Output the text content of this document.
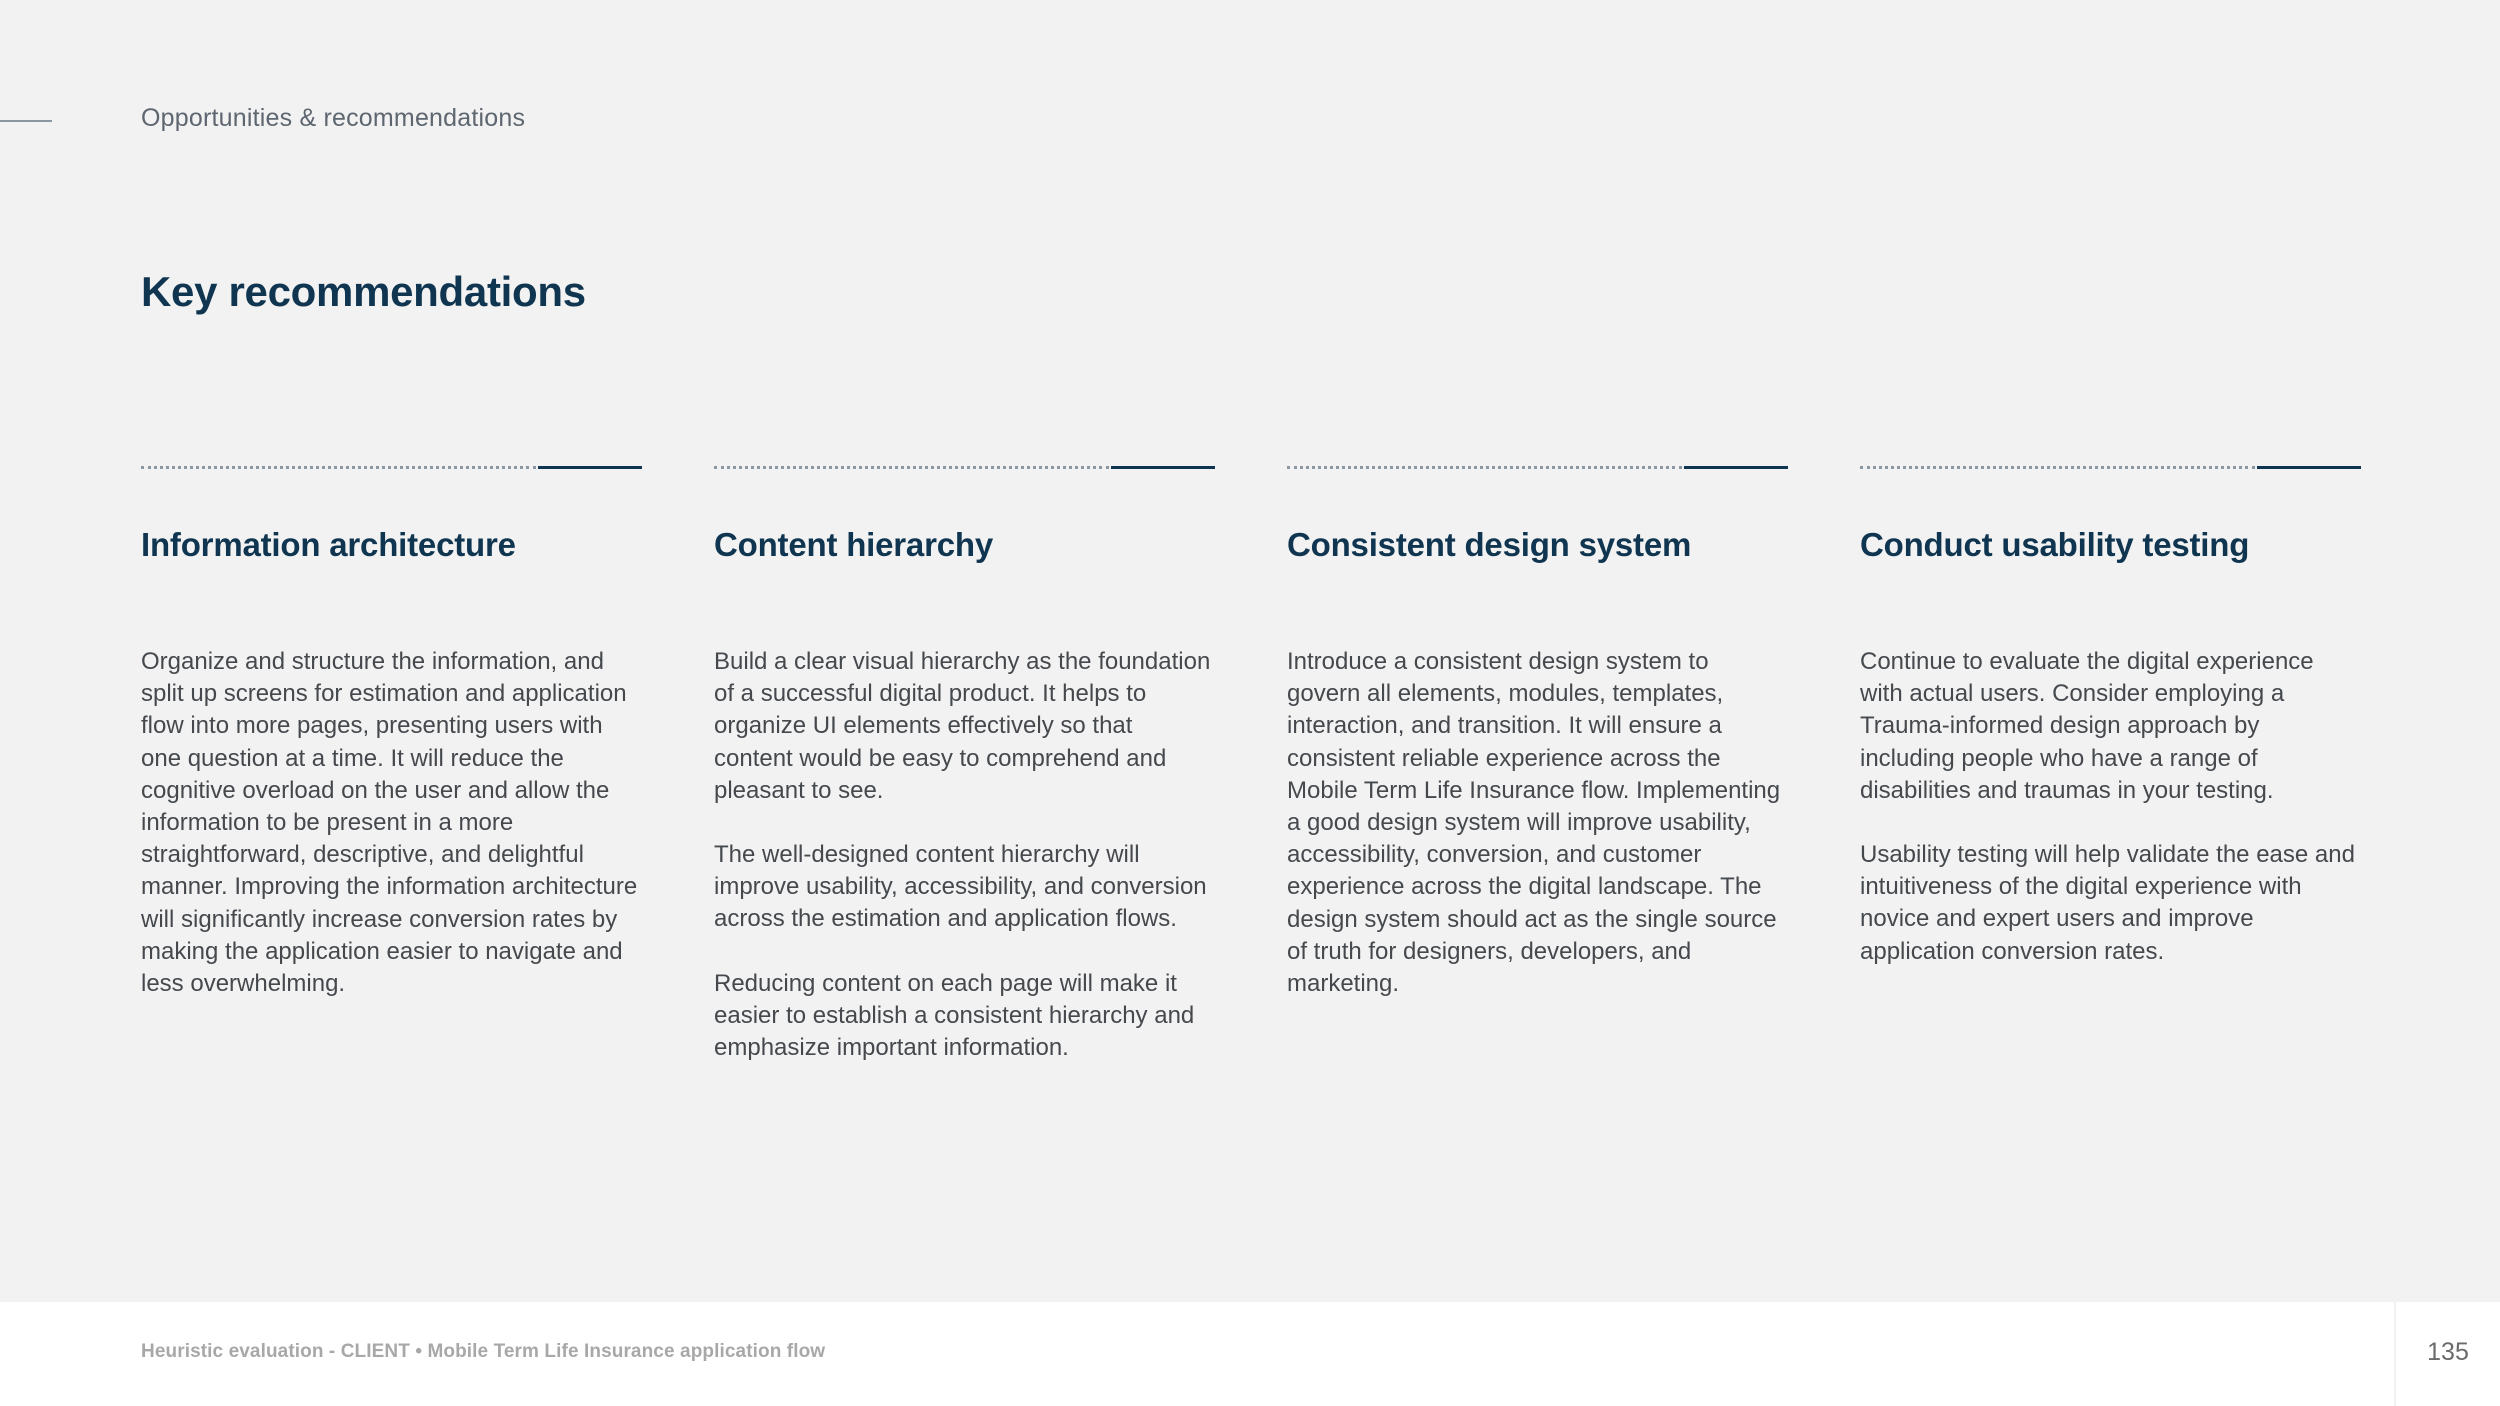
Opportunities & recommendations
Key recommendations
Information architecture

Organize and structure the information, and split up screens for estimation and application flow into more pages, presenting users with one question at a time. It will reduce the cognitive overload on the user and allow the information to be present in a more straightforward, descriptive, and delightful manner. Improving the information architecture will significantly increase conversion rates by making the application easier to navigate and less overwhelming.

Content hierarchy

Build a clear visual hierarchy as the foundation of a successful digital product. It helps to organize UI elements effectively so that content would be easy to comprehend and pleasant to see.

The well-designed content hierarchy will improve usability, accessibility, and conversion across the estimation and application flows.

Reducing content on each page will make it easier to establish a consistent hierarchy and emphasize important information.

Consistent design system

Introduce a consistent design system to govern all elements, modules, templates, interaction, and transition. It will ensure a consistent reliable experience across the Mobile Term Life Insurance flow. Implementing a good design system will improve usability, accessibility, conversion, and customer experience across the digital landscape. The design system should act as the single source of truth for designers, developers, and marketing.

Conduct usability testing

Continue to evaluate the digital experience with actual users. Consider employing a Trauma-informed design approach by including people who have a range of disabilities and traumas in your testing.

Usability testing will help validate the ease and intuitiveness of the digital experience with novice and expert users and improve application conversion rates.

Heuristic evaluation - CLIENT • Mobile Term Life Insurance application flow	135
